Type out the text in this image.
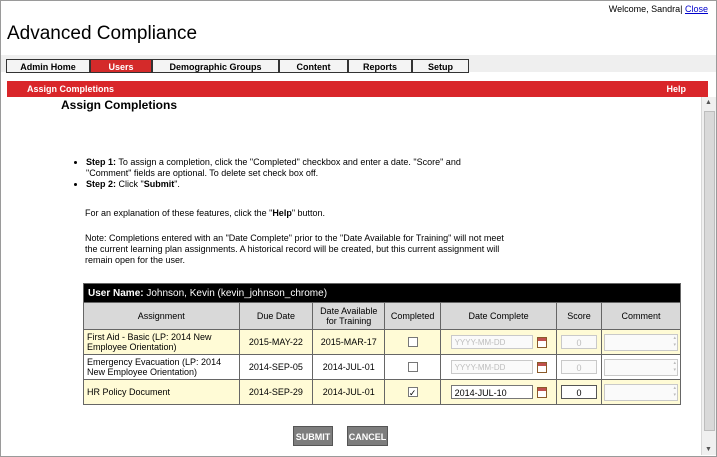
Welcome, Sandra| Close
Advanced Compliance
Admin Home	Users	Demographic Groups	Content	Reports	Setup
Assign Completions	Help
▲
▼
Assign Completions
• Step 1: To assign a completion, click the "Completed" checkbox and enter a date. "Score" and "Comment" fields are optional. To delete set check box off.
• Step 2: Click "Submit".
For an explanation of these features, click the "Help" button.
Note: Completions entered with an "Date Complete" prior to the "Date Available for Training" will not meet the current learning plan assignments. A historical record will be created, but this current assignment will remain open for the user.
User Name: Johnson, Kevin (kevin_johnson_chrome)						
Assignment	Due Date	Date Available for Training	Completed	Date Complete	Score	Comment
First Aid - Basic (LP: 2014 New Employee Orientation)	2015-MAY-22	2015-MAR-17		YYYY-MM-DD	0	▴ ▾
Emergency Evacuation (LP: 2014 New Employee Orientation)	2014-SEP-05	2014-JUL-01		YYYY-MM-DD	0	▴ ▾
HR Policy Document	2014-SEP-29	2014-JUL-01	✓	2014-JUL-10	0	▴ ▾
SUBMIT	CANCEL
